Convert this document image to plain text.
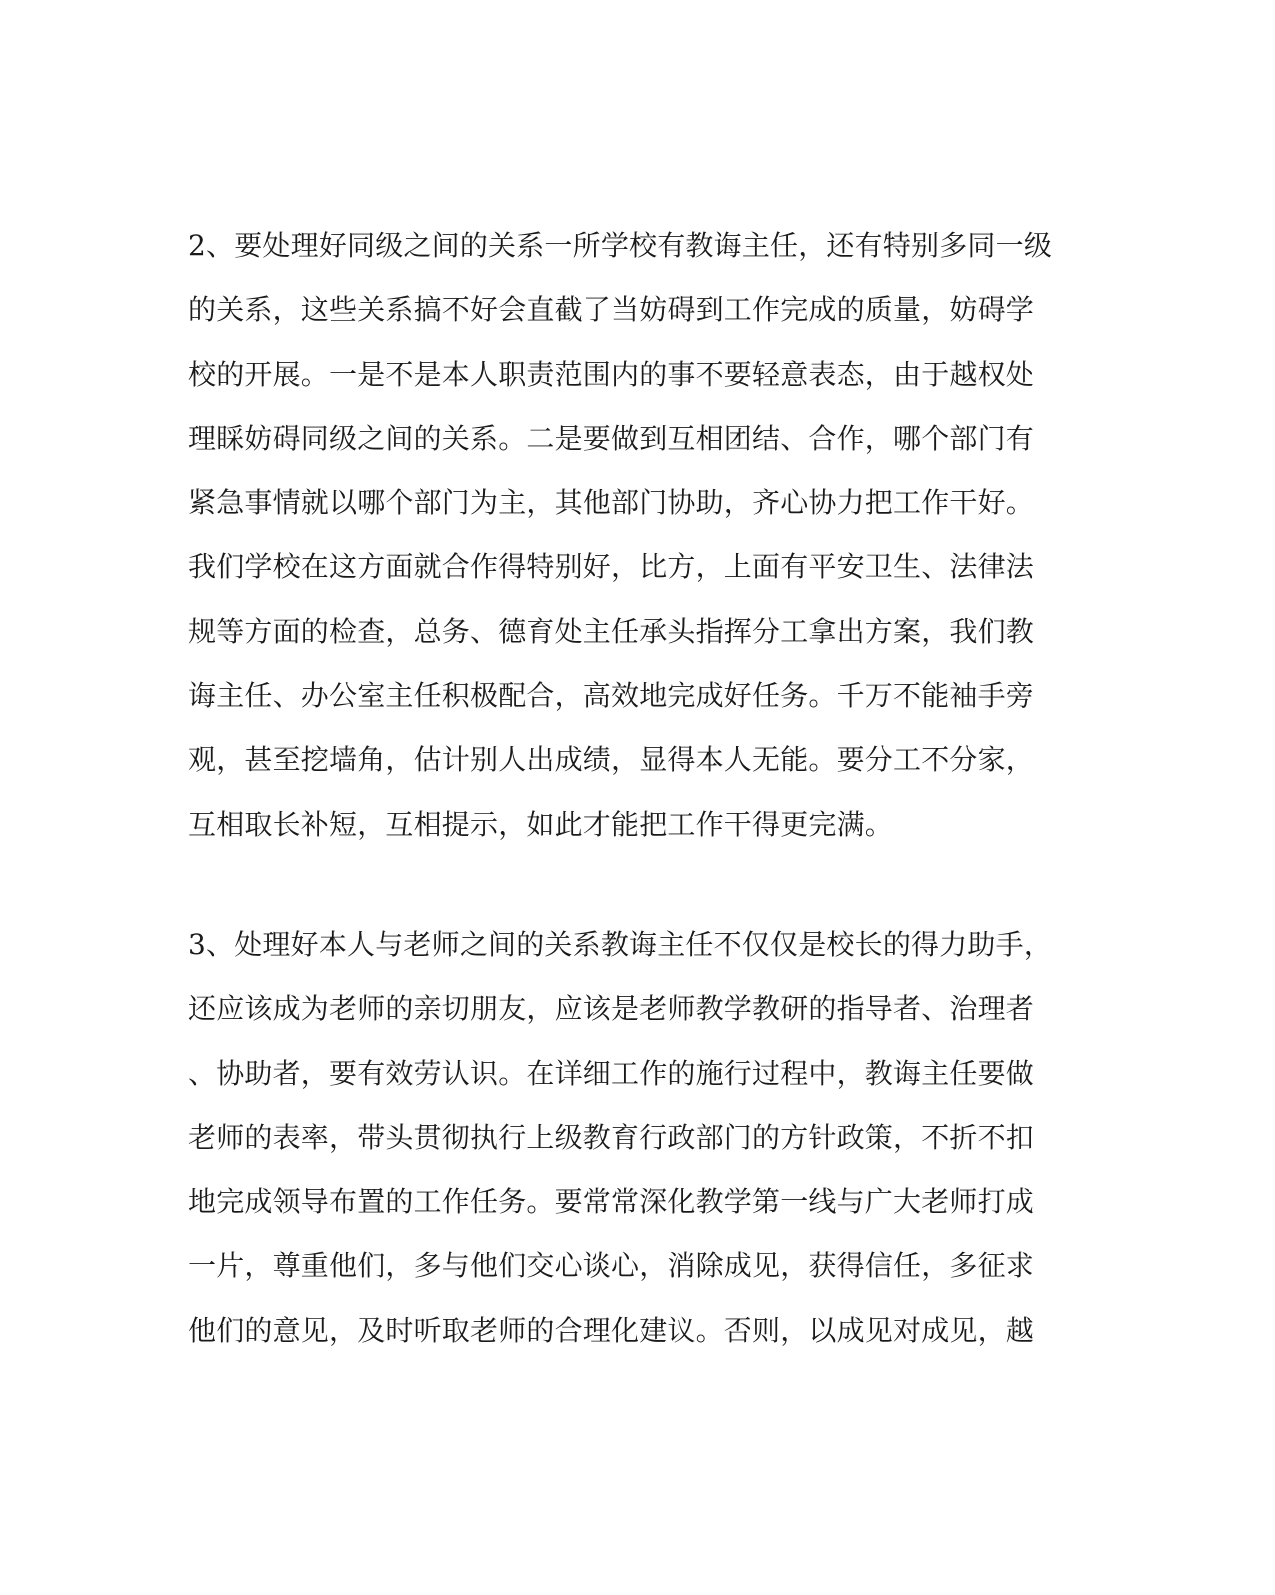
2、要处理好同级之间的关系一所学校有教诲主任，还有特别多同一级
的关系，这些关系搞不好会直截了当妨碍到工作完成的质量，妨碍学
校的开展。一是不是本人职责范围内的事不要轻意表态，由于越权处
理睬妨碍同级之间的关系。二是要做到互相团结、合作，哪个部门有
紧急事情就以哪个部门为主，其他部门协助，齐心协力把工作干好。
我们学校在这方面就合作得特别好，比方，上面有平安卫生、法律法
规等方面的检查，总务、德育处主任承头指挥分工拿出方案，我们教
诲主任、办公室主任积极配合，高效地完成好任务。千万不能袖手旁
观，甚至挖墙角，估计别人出成绩，显得本人无能。要分工不分家，
互相取长补短，互相提示，如此才能把工作干得更完满。
3、处理好本人与老师之间的关系教诲主任不仅仅是校长的得力助手，
还应该成为老师的亲切朋友，应该是老师教学教研的指导者、治理者
、协助者，要有效劳认识。在详细工作的施行过程中，教诲主任要做
老师的表率，带头贯彻执行上级教育行政部门的方针政策，不折不扣
地完成领导布置的工作任务。要常常深化教学第一线与广大老师打成
一片，尊重他们，多与他们交心谈心，消除成见，获得信任，多征求
他们的意见，及时听取老师的合理化建议。否则，以成见对成见，越
